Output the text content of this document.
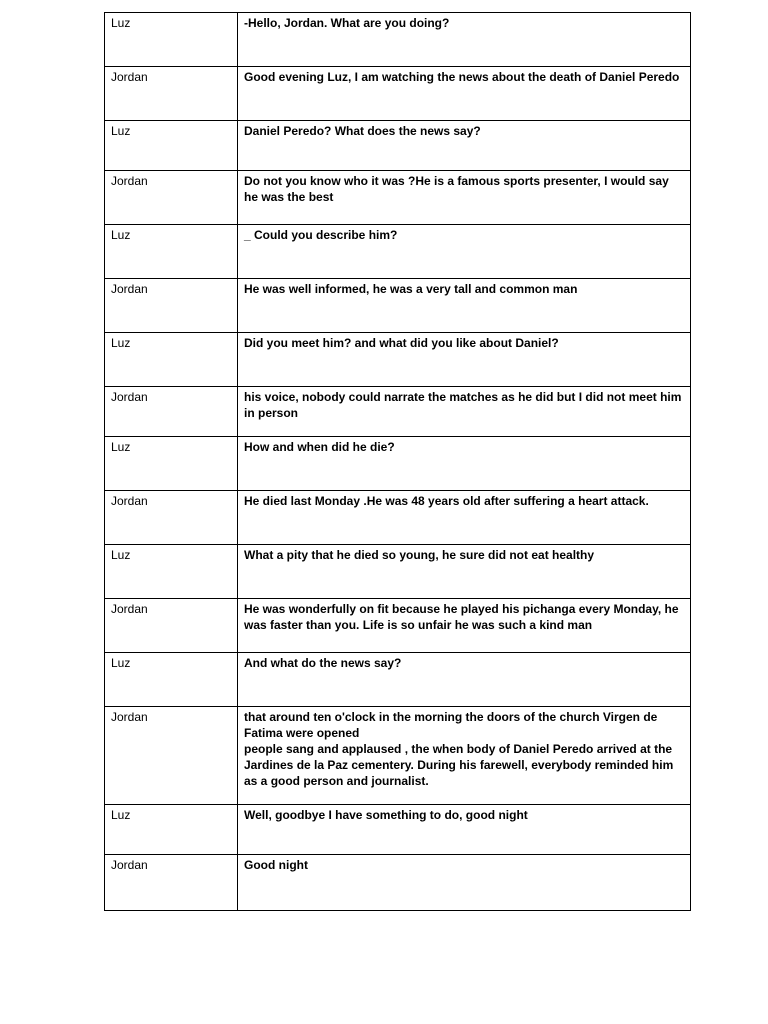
Luz	-Hello, Jordan. What are you doing?
Jordan	Good evening Luz, I am watching the news about the death of Daniel Peredo
Luz	Daniel Peredo? What does the news say?
Jordan	Do not you know who it was ?He is a famous sports presenter, I would say he was the best
Luz	_ Could you describe him?
Jordan	He was well informed, he was a very tall and common man
Luz	Did you meet him? and what did you like about Daniel?
Jordan	his voice, nobody could narrate the matches as he did but I did not meet him in person
Luz	How and when did he die?
Jordan	He died last Monday .He was 48 years old after suffering a heart attack.
Luz	What a pity that he died so young, he sure did not eat healthy
Jordan	He was wonderfully on fit because he played his pichanga every Monday, he was faster than you. Life is so unfair he was such a kind man
Luz	And what do the news say?
Jordan	that around ten o'clock in the morning the doors of the church Virgen de Fatima were opened
people sang and applaused , the when body of Daniel Peredo arrived at the Jardines de la Paz cementery. During his farewell, everybody reminded him as a good person and journalist.
Luz	Well, goodbye I have something to do, good night
Jordan	Good night
